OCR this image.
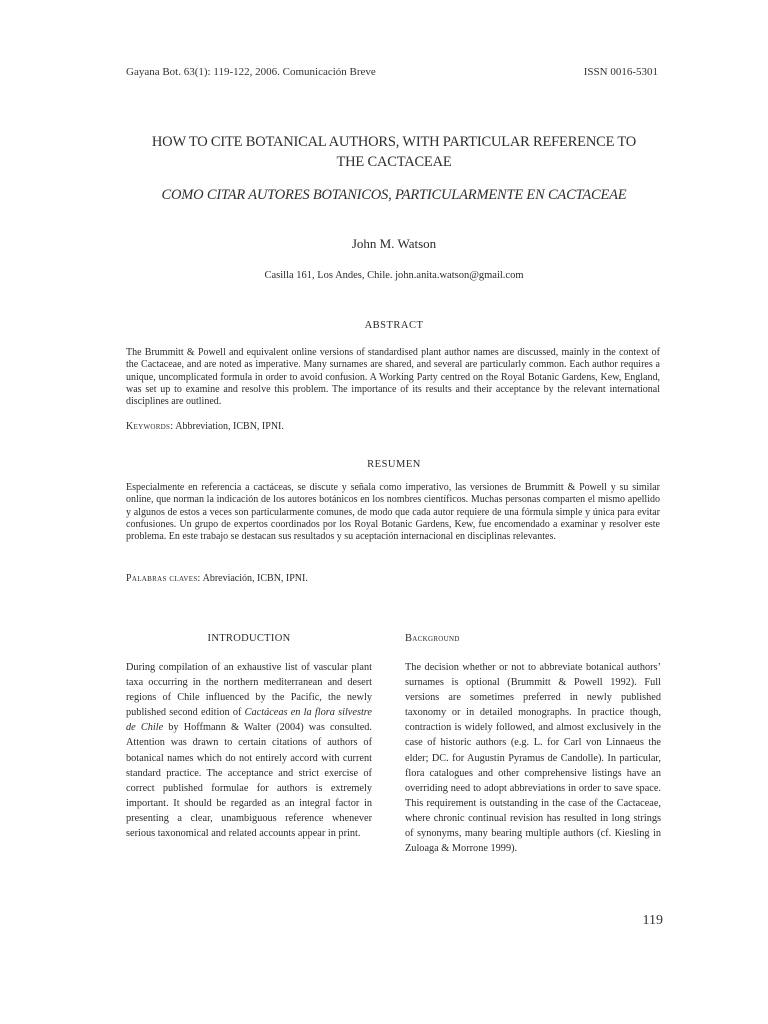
Gayana Bot. 63(1): 119-122, 2006. Comunicación Breve	ISSN 0016-5301
HOW TO CITE BOTANICAL AUTHORS, WITH PARTICULAR REFERENCE TO
THE CACTACEAE
COMO CITAR AUTORES BOTANICOS, PARTICULARMENTE EN CACTACEAE
John M. Watson
Casilla 161, Los Andes, Chile. john.anita.watson@gmail.com
ABSTRACT
The Brummitt & Powell and equivalent online versions of standardised plant author names are discussed, mainly in the context of the Cactaceae, and are noted as imperative. Many surnames are shared, and several are particularly common. Each author requires a unique, uncomplicated formula in order to avoid confusion. A Working Party centred on the Royal Botanic Gardens, Kew, England, was set up to examine and resolve this problem. The importance of its results and their acceptance by the relevant international disciplines are outlined.
Keywords: Abbreviation, ICBN, IPNI.
RESUMEN
Especialmente en referencia a cactáceas, se discute y señala como imperativo, las versiones de Brummitt & Powell y su similar online, que norman la indicación de los autores botánicos en los nombres científicos. Muchas personas comparten el mismo apellido y algunos de estos a veces son particularmente comunes, de modo que cada autor requiere de una fórmula simple y única para evitar confusiones. Un grupo de expertos coordinados por los Royal Botanic Gardens, Kew, fue encomendado a examinar y resolver este problema. En este trabajo se destacan sus resultados y su aceptación internacional en disciplinas relevantes.
Palabras claves: Abreviación, ICBN, IPNI.
INTRODUCTION
During compilation of an exhaustive list of vascular plant taxa occurring in the northern mediterranean and desert regions of Chile influenced by the Pacific, the newly published second edition of Cactáceas en la flora silvestre de Chile by Hoffmann & Walter (2004) was consulted. Attention was drawn to certain citations of authors of botanical names which do not entirely accord with current standard practice. The acceptance and strict exercise of correct published formulae for authors is extremely important. It should be regarded as an integral factor in presenting a clear, unambiguous reference whenever serious taxonomical and related accounts appear in print.
Background
The decision whether or not to abbreviate botanical authors’ surnames is optional (Brummitt & Powell 1992). Full versions are sometimes preferred in newly published taxonomy or in detailed monographs. In practice though, contraction is widely followed, and almost exclusively in the case of historic authors (e.g. L. for Carl von Linnaeus the elder; DC. for Augustin Pyramus de Candolle). In particular, flora catalogues and other comprehensive listings have an overriding need to adopt abbreviations in order to save space. This requirement is outstanding in the case of the Cactaceae, where chronic continual revision has resulted in long strings of synonyms, many bearing multiple authors (cf. Kiesling in Zuloaga & Morrone 1999).
119
